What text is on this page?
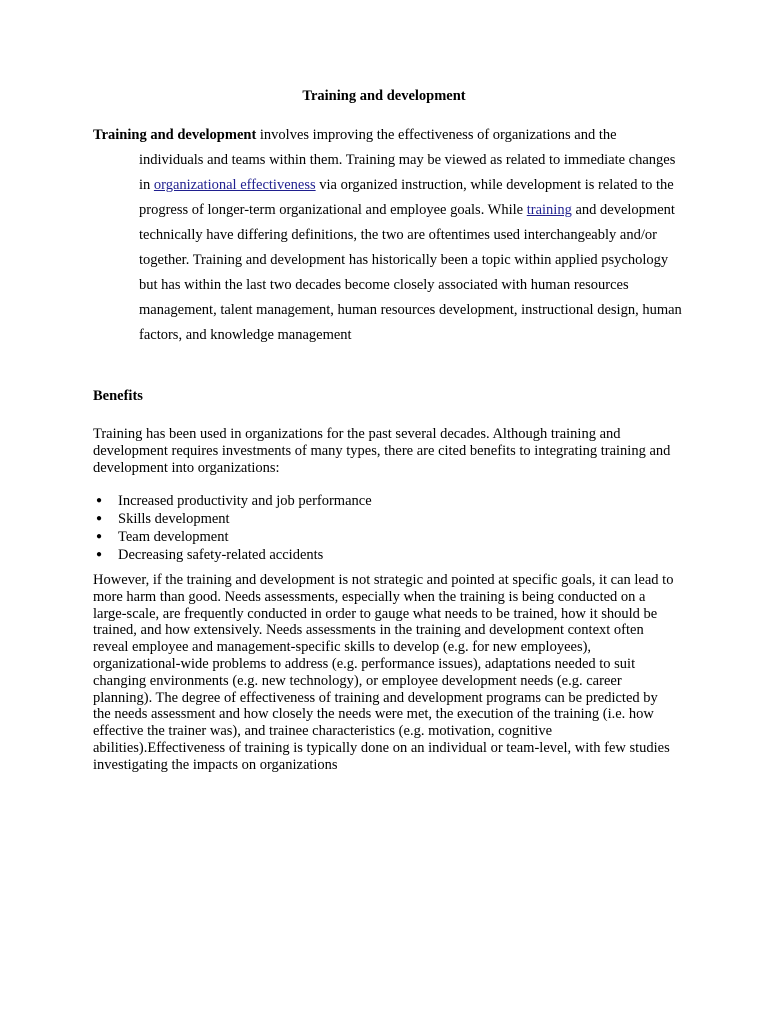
Training and development

Training and development involves improving the effectiveness of organizations and the
individuals and teams within them. Training may be viewed as related to immediate changes in organizational effectiveness via organized instruction, while development is related to the progress of longer-term organizational and employee goals. While training and development technically have differing definitions, the two are oftentimes used interchangeably and/or together. Training and development has historically been a topic within applied psychology but has within the last two decades become closely associated with human resources management, talent management, human resources development, instructional design, human factors, and knowledge management

Benefits

Training has been used in organizations for the past several decades. Although training and development requires investments of many types, there are cited benefits to integrating training and development into organizations:

● Increased productivity and job performance
● Skills development
● Team development
● Decreasing safety-related accidents

However, if the training and development is not strategic and pointed at specific goals, it can lead to more harm than good. Needs assessments, especially when the training is being conducted on a large-scale, are frequently conducted in order to gauge what needs to be trained, how it should be trained, and how extensively. Needs assessments in the training and development context often reveal employee and management-specific skills to develop (e.g. for new employees), organizational-wide problems to address (e.g. performance issues), adaptations needed to suit changing environments (e.g. new technology), or employee development needs (e.g. career planning). The degree of effectiveness of training and development programs can be predicted by the needs assessment and how closely the needs were met, the execution of the training (i.e. how effective the trainer was), and trainee characteristics (e.g. motivation, cognitive abilities).Effectiveness of training is typically done on an individual or team-level, with few studies investigating the impacts on organizations
